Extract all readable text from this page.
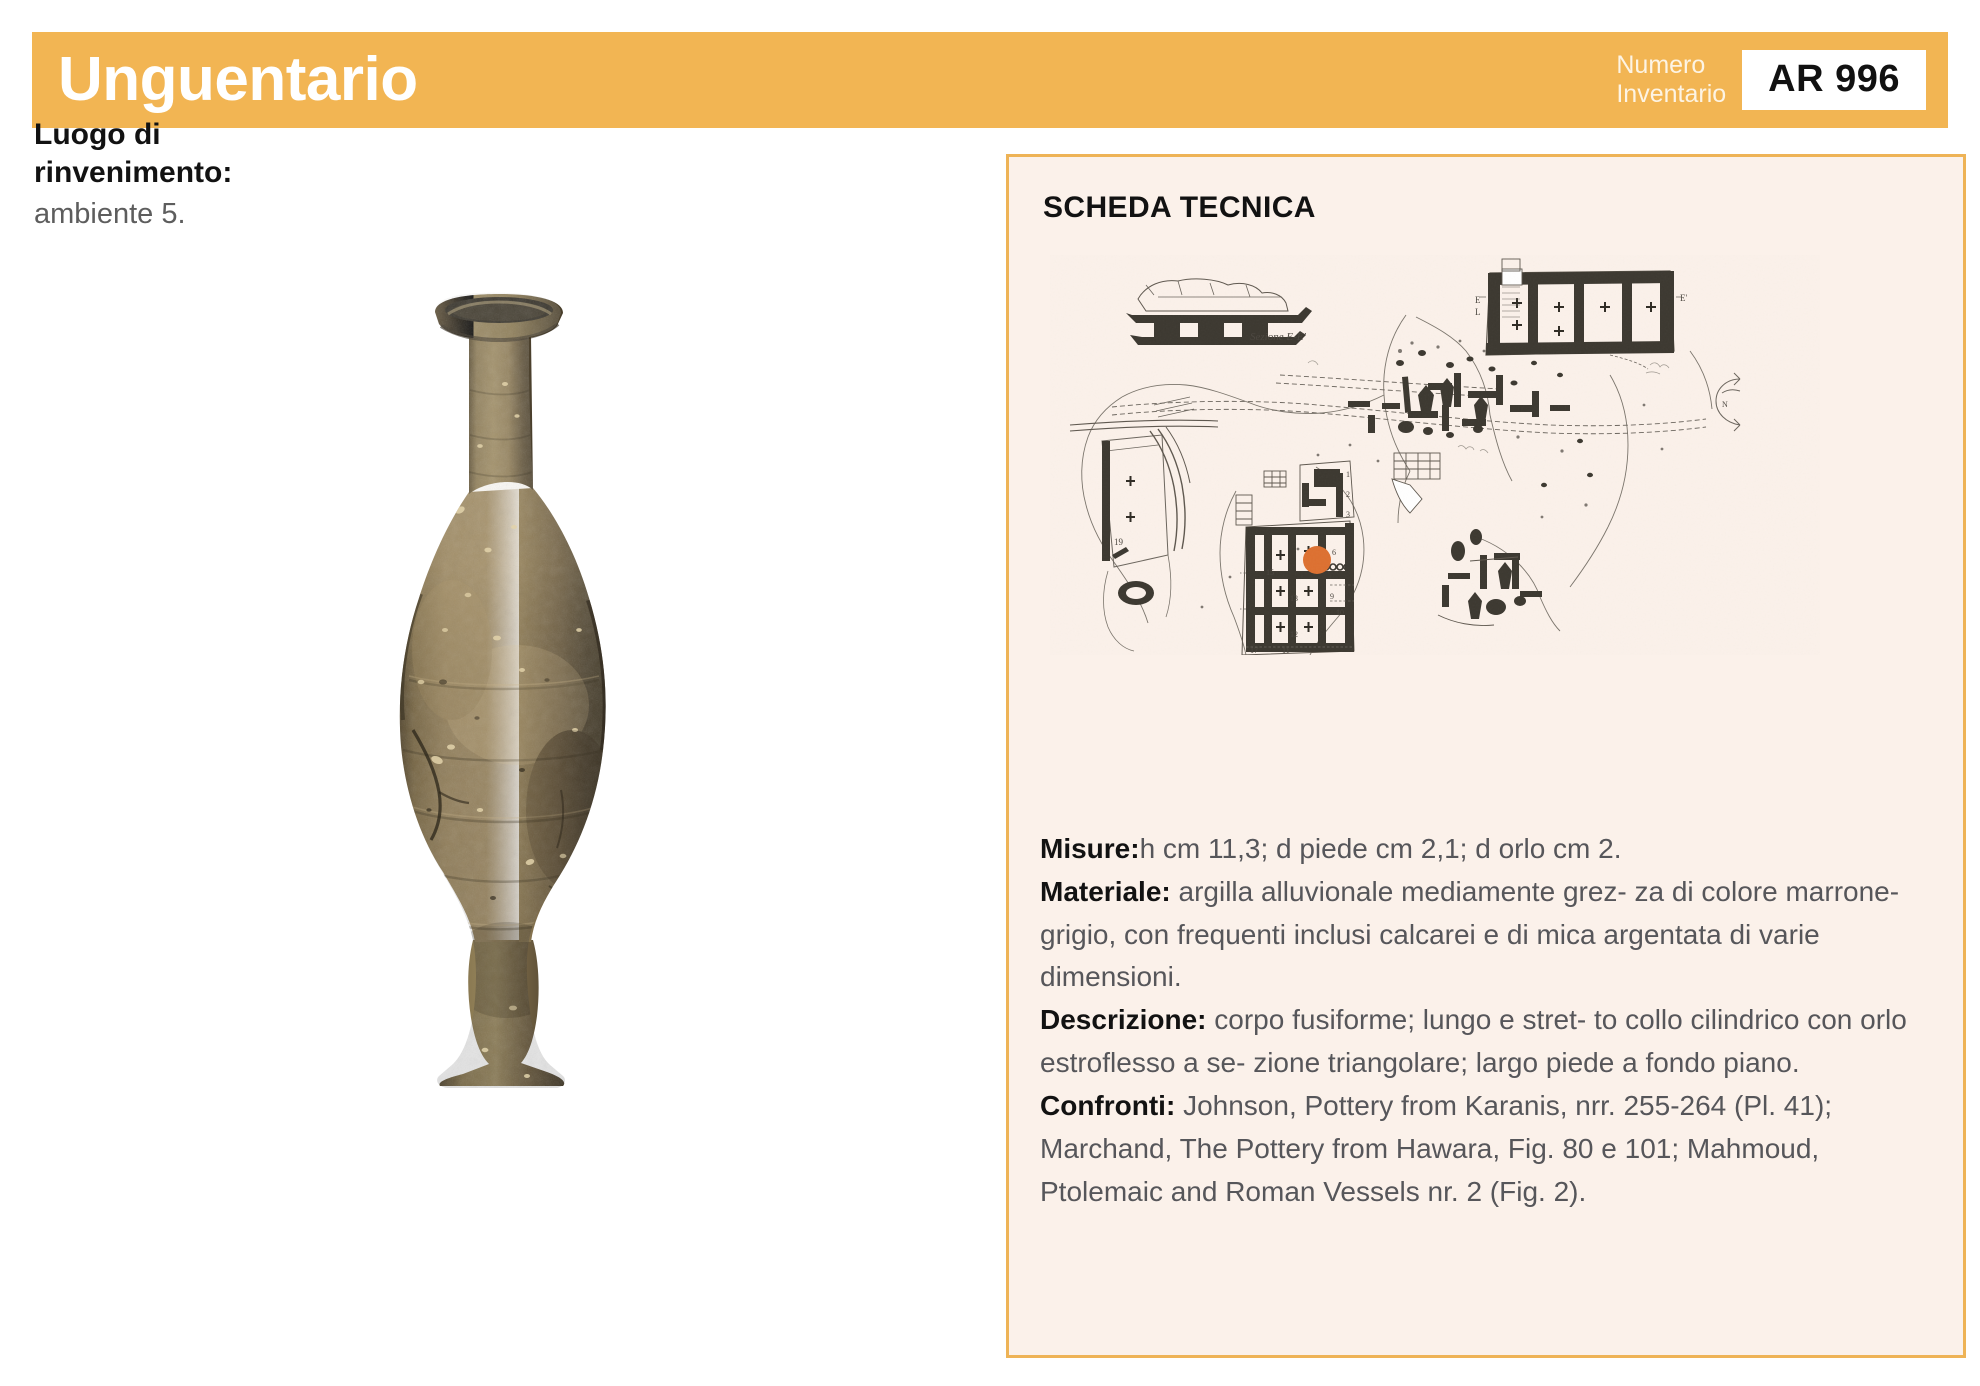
Unguentario	Numero
Inventario	AR 996
SCHEDA TECNICA
Luogo di rinvenimento:
ambiente 5.
Sezione E-E'
E
L
E'
19
6
15
13	9
10
12
11
17
1
2
3
N
Misure:h cm 11,3; d piede cm 2,1; d orlo cm 2.
Materiale: argilla alluvionale mediamente grez- za di colore marrone-grigio, con frequenti inclusi calcarei e di mica argentata di varie dimensioni.
Descrizione: corpo fusiforme; lungo e stret- to collo cilindrico con orlo estroflesso a se- zione triangolare; largo piede a fondo piano.
Confronti: Johnson, Pottery from Karanis, nrr. 255-264 (Pl. 41); Marchand, The Pottery from Hawara, Fig. 80 e 101; Mahmoud, Ptolemaic and Roman Vessels nr. 2 (Fig. 2).
